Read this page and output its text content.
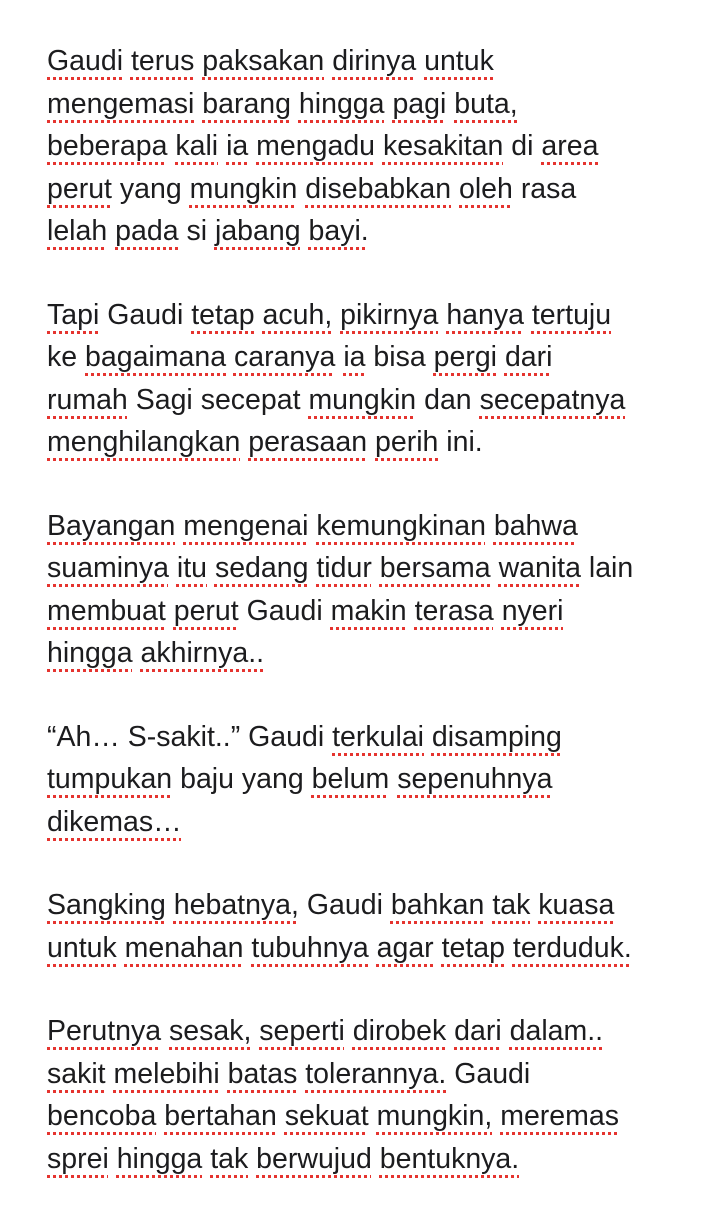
Gaudi terus paksakan dirinya untuk
mengemasi barang hingga pagi buta,
beberapa kali ia mengadu kesakitan di area
perut yang mungkin disebabkan oleh rasa
lelah pada si jabang bayi.
Tapi Gaudi tetap acuh, pikirnya hanya tertuju
ke bagaimana caranya ia bisa pergi dari
rumah Sagi secepat mungkin dan secepatnya
menghilangkan perasaan perih ini.
Bayangan mengenai kemungkinan bahwa
suaminya itu sedang tidur bersama wanita lain
membuat perut Gaudi makin terasa nyeri
hingga akhirnya..
“Ah… S-sakit..” Gaudi terkulai disamping
tumpukan baju yang belum sepenuhnya
dikemas…
Sangking hebatnya, Gaudi bahkan tak kuasa
untuk menahan tubuhnya agar tetap terduduk.
Perutnya sesak, seperti dirobek dari dalam..
sakit melebihi batas tolerannya. Gaudi
bencoba bertahan sekuat mungkin, meremas
sprei hingga tak berwujud bentuknya.
